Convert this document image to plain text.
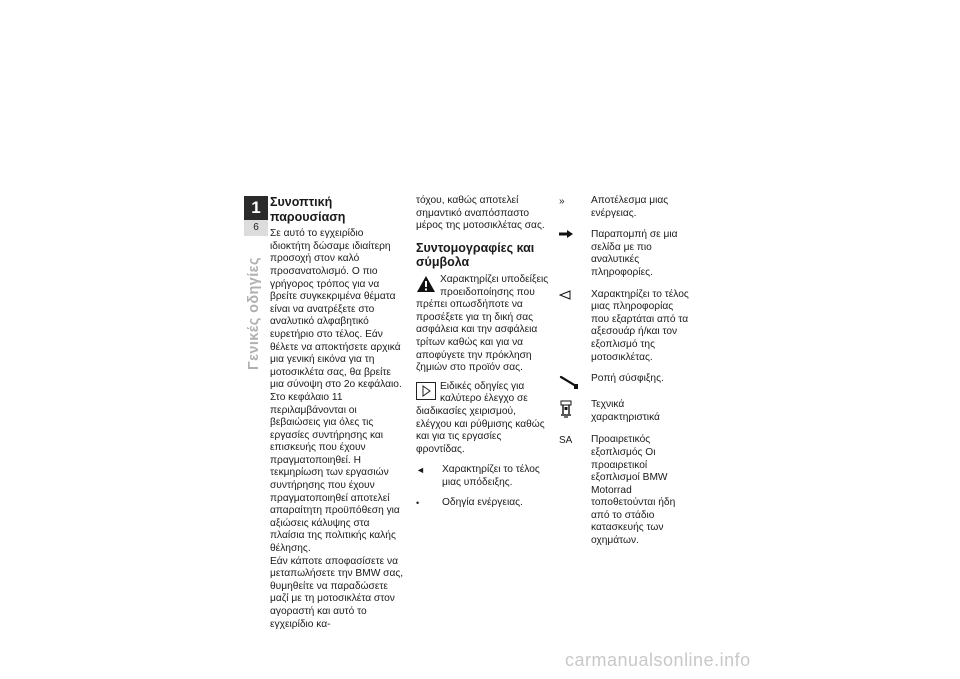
1
6
Γενικές οδηγίες
Συνοπτική παρουσίαση

Σε αυτό το εγχειρίδιο ιδιοκτήτη δώσαμε ιδιαίτερη προσοχή στον καλό προσανατολισμό. Ο πιο γρήγορος τρόπος για να βρείτε συγκεκριμένα θέματα είναι να ανατρέξετε στο αναλυτικό αλφαβητικό ευρετήριο στο τέλος. Εάν θέλετε να αποκτήσετε αρχικά μια γενική εικόνα για τη μοτοσικλέτα σας, θα βρείτε μια σύνοψη στο 2ο κεφάλαιο. Στο κεφάλαιο 11 περιλαμβάνονται οι βεβαιώσεις για όλες τις εργασίες συντήρησης και επισκευής που έχουν πραγματοποιηθεί. Η τεκμηρίωση των εργασιών συντήρησης που έχουν πραγματοποιηθεί αποτελεί απαραίτητη προϋπόθεση για αξιώσεις κάλυψης στα πλαίσια της πολιτικής καλής θέλησης.

Εάν κάποτε αποφασίσετε να μεταπωλήσετε την BMW σας, θυμηθείτε να παραδώσετε μαζί με τη μοτοσικλέτα στον αγοραστή και αυτό το εγχειρίδιο κα-

τόχου, καθώς αποτελεί σημαντικό αναπόσπαστο μέρος της μοτοσικλέτας σας.

Συντομογραφίες και σύμβολα
Χαρακτηρίζει υποδείξεις προειδοποίησης που πρέπει οπωσδήποτε να προσέξετε για τη δική σας ασφάλεια και την ασφάλεια τρίτων καθώς και για να αποφύγετε την πρόκληση ζημιών στο προϊόν σας.
Ειδικές οδηγίες για καλύτερο έλεγχο σε διαδικασίες χειρισμού, ελέγχου και ρύθμισης καθώς και για τις εργασίες φροντίδας.
◄	Χαρακτηρίζει το τέλος μιας υπόδειξης.
•	Οδηγία ενέργειας.
»	Αποτέλεσμα μιας ενέργειας.
Παραπομπή σε μια σελίδα με πιο αναλυτικές πληροφορίες.
Χαρακτηρίζει το τέλος μιας πληροφορίας που εξαρτάται από τα αξεσουάρ ή/και τον εξοπλισμό της μοτοσικλέτας.
Ροπή σύσφιξης.
Τεχνικά χαρακτηριστικά
SA	Προαιρετικός εξοπλισμός Οι προαιρετικοί εξοπλισμοί BMW Motorrad τοποθετούνται ήδη από το στάδιο κατασκευής των οχημάτων.
carmanualsonline.info
